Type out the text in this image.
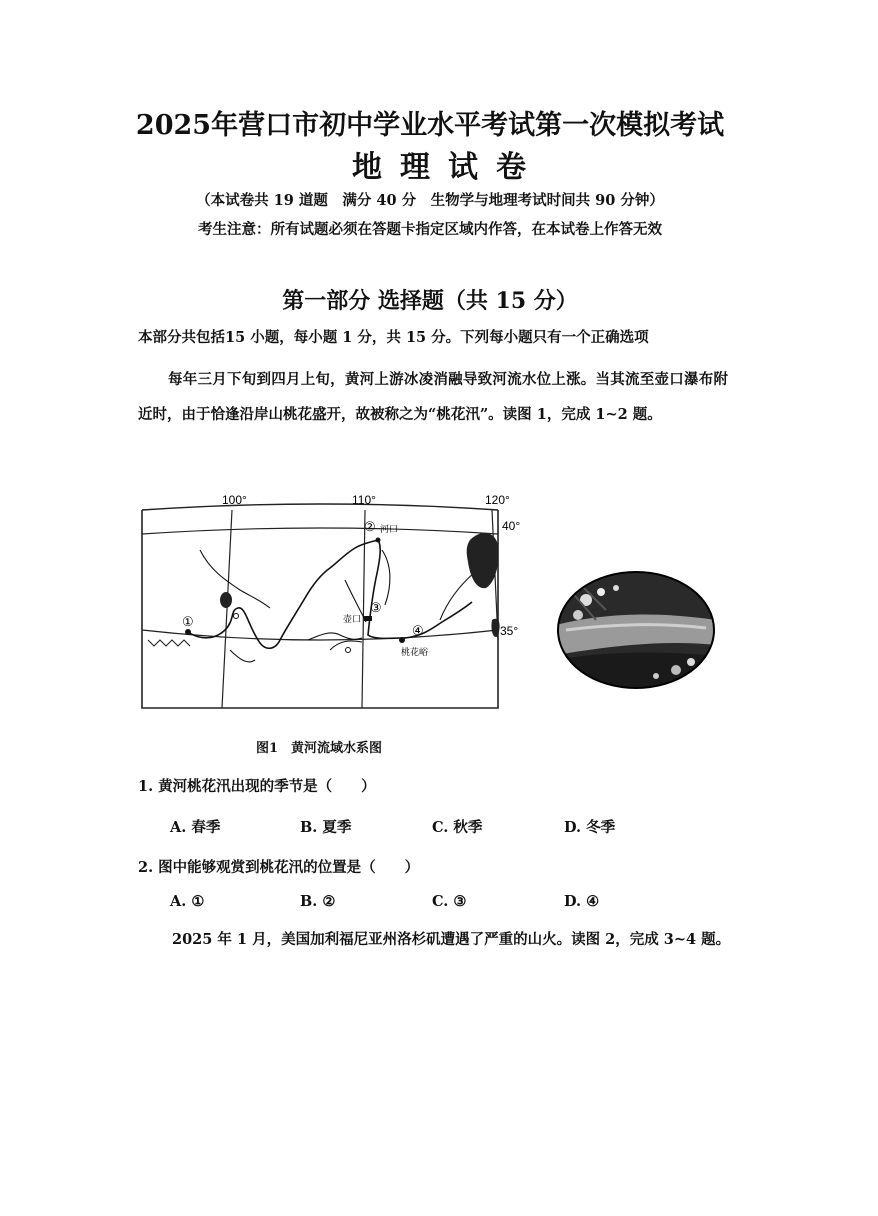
2025年营口市初中学业水平考试第一次模拟考试
地理试卷
（本试卷共 19 道题　满分 40 分　生物学与地理考试时间共 90 分钟）
考生注意：所有试题必须在答题卡指定区域内作答，在本试卷上作答无效
第一部分 选择题（共 15 分）
本部分共包括15 小题，每小题 1 分，共 15 分。下列每小题只有一个正确选项
每年三月下旬到四月上旬，黄河上游冰凌消融导致河流水位上涨。当其流至壶口瀑布附近时，由于恰逢沿岸山桃花盛开，故被称之为“桃花汛”。读图 1，完成 1~2 题。
100°	110°	120°
40°
35°
①
②
③
④
河口
壶口
桃花峪
图1　黄河流域水系图
1. 黄河桃花汛出现的季节是（　　）
A. 春季	B. 夏季	C. 秋季	D. 冬季
2. 图中能够观赏到桃花汛的位置是（　　）
A. ①	B. ②	C. ③	D. ④
2025 年 1 月，美国加利福尼亚州洛杉矶遭遇了严重的山火。读图 2，完成 3~4 题。
